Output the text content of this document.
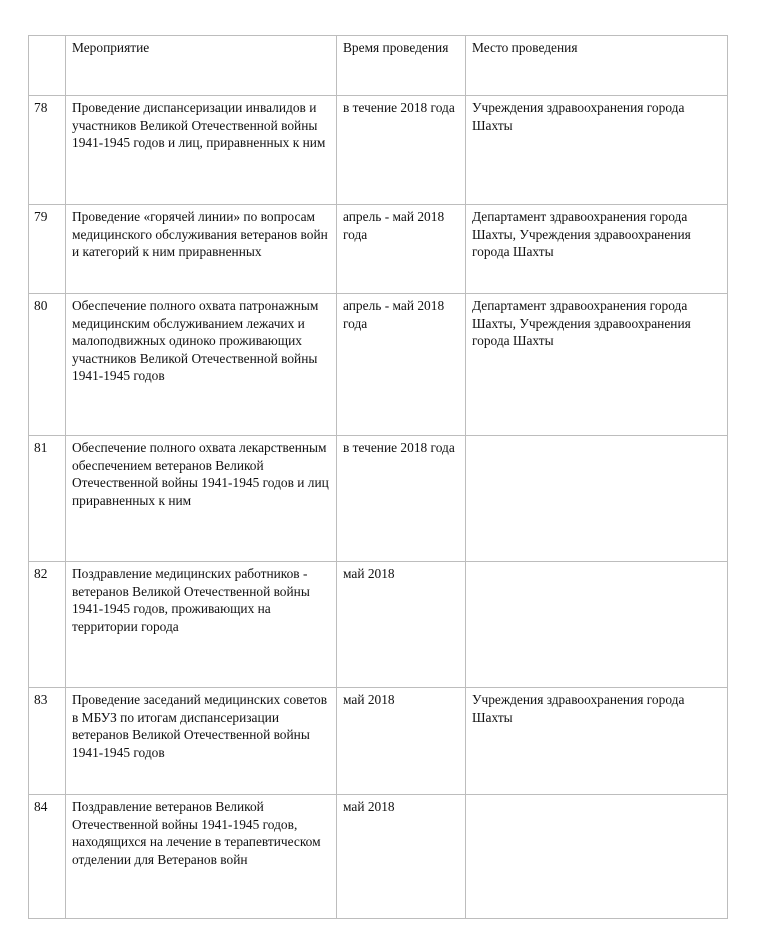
	Мероприятие	Время проведения	Место проведения
78	Проведение диспансеризации инвалидов и участников Великой Отечественной войны 1941-1945 годов и лиц, приравненных к ним	в течение 2018 года	Учреждения здравоохранения города Шахты
79	Проведение «горячей линии» по вопросам медицинского обслуживания ветеранов войн и категорий к ним приравненных	апрель - май 2018 года	Департамент здравоохранения города Шахты, Учреждения здравоохранения города Шахты
80	Обеспечение полного охвата патронажным медицинским обслуживанием лежачих и малоподвижных одиноко проживающих участников Великой Отечественной войны 1941-1945 годов	апрель - май 2018 года	Департамент здравоохранения города Шахты, Учреждения здравоохранения города Шахты
81	Обеспечение полного охвата лекарственным обеспечением ветеранов Великой Отечественной войны 1941-1945 годов и лиц приравненных к ним	в течение 2018 года	
82	Поздравление медицинских работников - ветеранов Великой Отечественной войны 1941-1945 годов, проживающих на территории города	май 2018	
83	Проведение заседаний медицинских советов в МБУЗ по итогам диспансеризации ветеранов Великой Отечественной войны 1941-1945 годов	май 2018	Учреждения здравоохранения города Шахты
84	Поздравление ветеранов Великой Отечественной войны 1941-1945 годов, находящихся на лечение в терапевтическом отделении для Ветеранов войн	май 2018	
